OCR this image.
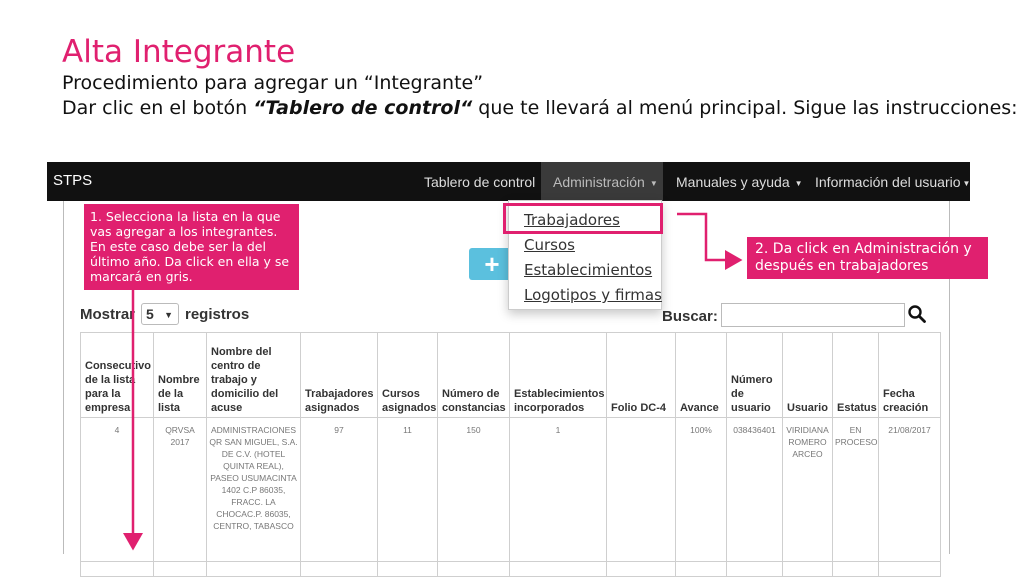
Alta Integrante
Procedimiento para agregar un “Integrante”
Dar clic en el botón “Tablero de control“ que te llevará al menú principal. Sigue las instrucciones:
STPS	Tablero de control	Administración ▼	Manuales y ayuda ▼ Información del usuario ▼
Trabajadores
Cursos
Establecimientos
Logotipos y firmas
+
1. Selecciona la lista en la que vas agregar a los integrantes. En este caso debe ser la del último año. Da click en ella y se marcará en gris.
2. Da click en Administración y después en trabajadores
Mostrar 5 ▼ registros	Buscar:
Consecutivo de la lista para la empresa	Nombre de la lista	Nombre del centro de trabajo y domicilio del acuse	Trabajadores asignados	Cursos asignados	Número de constancias	Establecimientos incorporados	Folio DC-4	Avance	Número de usuario	Usuario	Estatus	Fecha creación
4	QRVSA 2017	ADMINISTRACIONES QR SAN MIGUEL, S.A. DE C.V. (HOTEL QUINTA REAL), PASEO USUMACINTA 1402 C.P 86035, FRACC. LA CHOCAC.P. 86035, CENTRO, TABASCO	97	11	150	1		100%	038436401	VIRIDIANA ROMERO ARCEO	EN PROCESO	21/08/2017
